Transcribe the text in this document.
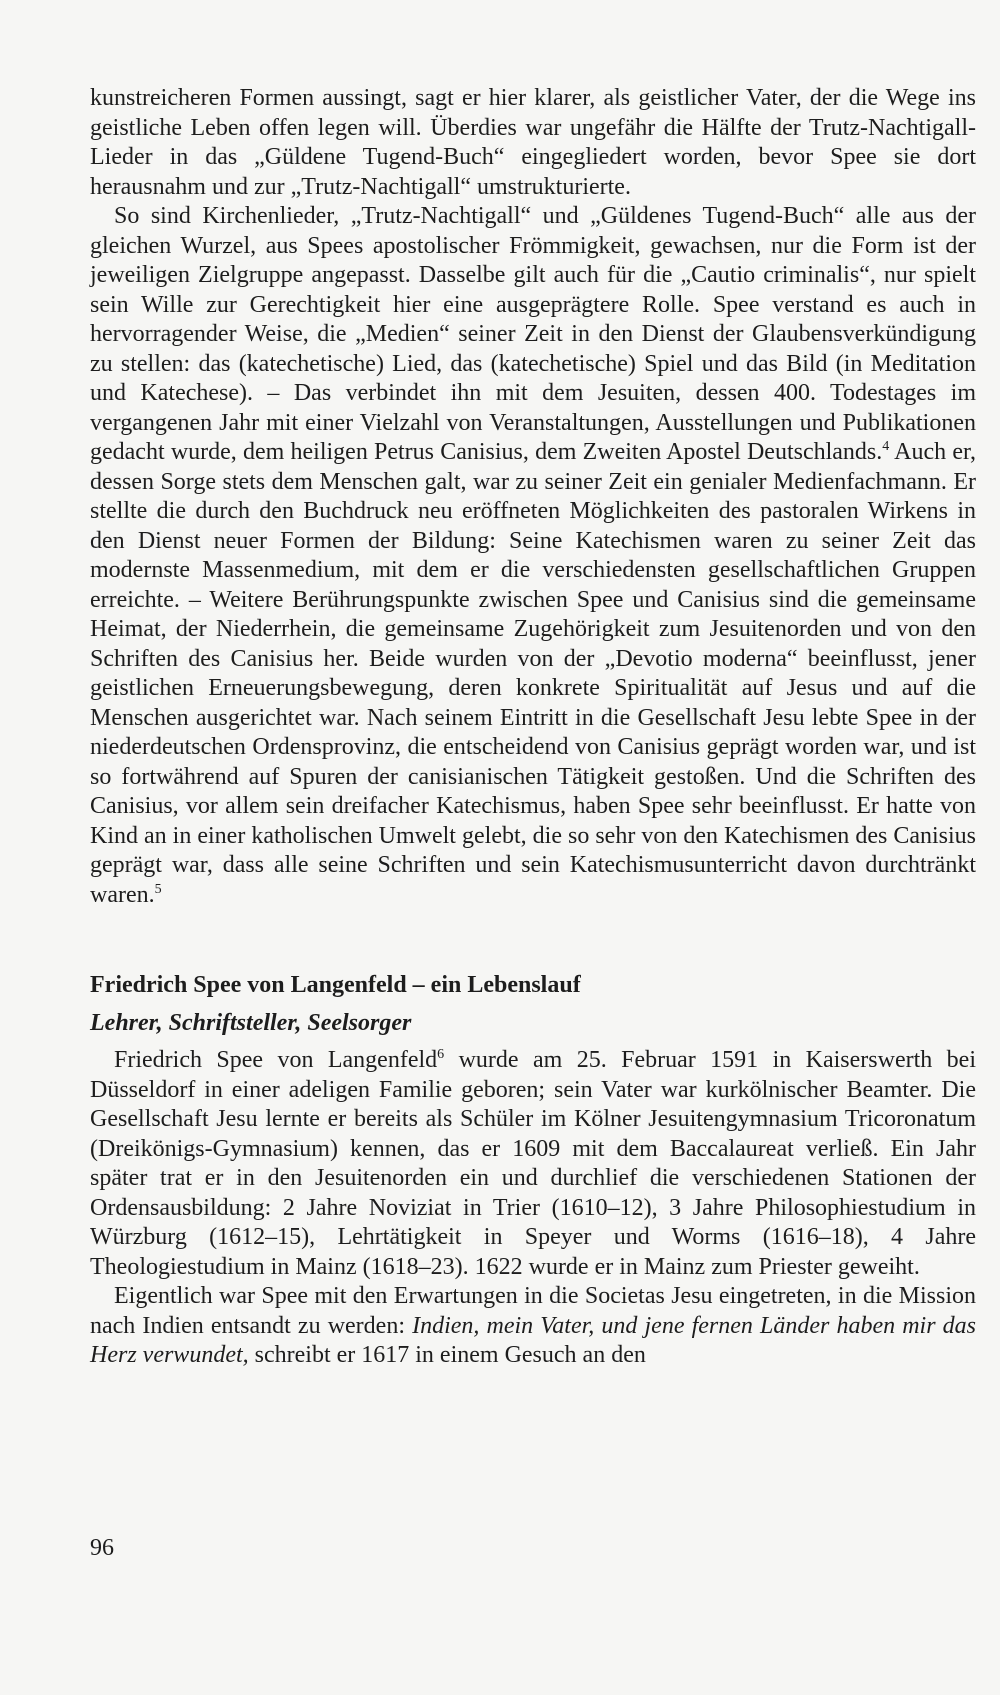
kunstreicheren Formen aussingt, sagt er hier klarer, als geistlicher Vater, der die Wege ins geistliche Leben offen legen will. Überdies war ungefähr die Hälfte der Trutz-Nachtigall-Lieder in das „Güldene Tugend-Buch“ eingegliedert worden, bevor Spee sie dort herausnahm und zur „Trutz-Nachtigall“ umstrukturierte.

So sind Kirchenlieder, „Trutz-Nachtigall“ und „Güldenes Tugend-Buch“ alle aus der gleichen Wurzel, aus Spees apostolischer Frömmigkeit, gewachsen, nur die Form ist der jeweiligen Zielgruppe angepasst. Dasselbe gilt auch für die „Cautio criminalis“, nur spielt sein Wille zur Gerechtigkeit hier eine ausgeprägtere Rolle. Spee verstand es auch in hervorragender Weise, die „Medien“ seiner Zeit in den Dienst der Glaubensverkündigung zu stellen: das (katechetische) Lied, das (katechetische) Spiel und das Bild (in Meditation und Katechese). – Das verbindet ihn mit dem Jesuiten, dessen 400. Todestages im vergangenen Jahr mit einer Vielzahl von Veranstaltungen, Ausstellungen und Publikationen gedacht wurde, dem heiligen Petrus Canisius, dem Zweiten Apostel Deutschlands.$^4$ Auch er, dessen Sorge stets dem Menschen galt, war zu seiner Zeit ein genialer Medienfachmann. Er stellte die durch den Buchdruck neu eröffneten Möglichkeiten des pastoralen Wirkens in den Dienst neuer Formen der Bildung: Seine Katechismen waren zu seiner Zeit das modernste Massenmedium, mit dem er die verschiedensten gesellschaftlichen Gruppen erreichte. – Weitere Berührungspunkte zwischen Spee und Canisius sind die gemeinsame Heimat, der Niederrhein, die gemeinsame Zugehörigkeit zum Jesuitenorden und von den Schriften des Canisius her. Beide wurden von der „Devotio moderna“ beeinflusst, jener geistlichen Erneuerungsbewegung, deren konkrete Spiritualität auf Jesus und auf die Menschen ausgerichtet war. Nach seinem Eintritt in die Gesellschaft Jesu lebte Spee in der niederdeutschen Ordensprovinz, die entscheidend von Canisius geprägt worden war, und ist so fortwährend auf Spuren der canisianischen Tätigkeit gestoßen. Und die Schriften des Canisius, vor allem sein dreifacher Katechismus, haben Spee sehr beeinflusst. Er hatte von Kind an in einer katholischen Umwelt gelebt, die so sehr von den Katechismen des Canisius geprägt war, dass alle seine Schriften und sein Katechismusunterricht davon durchtränkt waren.$^5$

Friedrich Spee von Langenfeld – ein Lebenslauf
Lehrer, Schriftsteller, Seelsorger

Friedrich Spee von Langenfeld$^6$ wurde am 25. Februar 1591 in Kaiserswerth bei Düsseldorf in einer adeligen Familie geboren; sein Vater war kurkölnischer Beamter. Die Gesellschaft Jesu lernte er bereits als Schüler im Kölner Jesuitengymnasium Tricoronatum (Dreikönigs-Gymnasium) kennen, das er 1609 mit dem Baccalaureat verließ. Ein Jahr später trat er in den Jesuitenorden ein und durchlief die verschiedenen Stationen der Ordensausbildung: 2 Jahre Noviziat in Trier (1610–12), 3 Jahre Philosophiestudium in Würzburg (1612–15), Lehrtätigkeit in Speyer und Worms (1616–18), 4 Jahre Theologiestudium in Mainz (1618–23). 1622 wurde er in Mainz zum Priester geweiht.

Eigentlich war Spee mit den Erwartungen in die Societas Jesu eingetreten, in die Mission nach Indien entsandt zu werden: Indien, mein Vater, und jene fernen Länder haben mir das Herz verwundet, schreibt er 1617 in einem Gesuch an den

96
